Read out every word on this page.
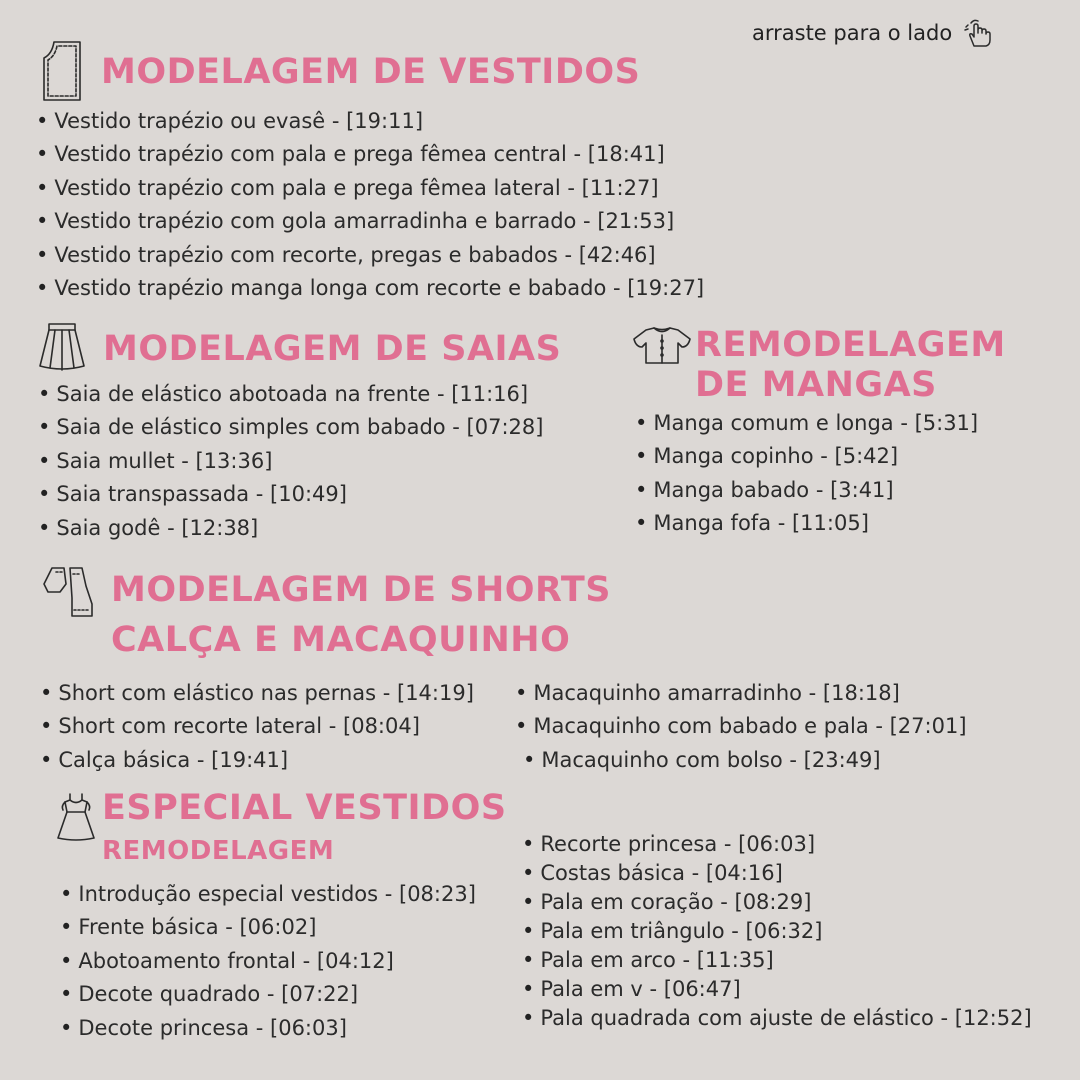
arraste para o lado
MODELAGEM DE VESTIDOS
• Vestido trapézio ou evasê - [19:11]
• Vestido trapézio com pala e prega fêmea central - [18:41]
• Vestido trapézio com pala e prega fêmea lateral - [11:27]
• Vestido trapézio com gola amarradinha e barrado - [21:53]
• Vestido trapézio com recorte, pregas e babados - [42:46]
• Vestido trapézio manga longa com recorte e babado - [19:27]
MODELAGEM DE SAIAS
• Saia de elástico abotoada na frente - [11:16]
• Saia de elástico simples com babado - [07:28]
• Saia mullet - [13:36]
• Saia transpassada - [10:49]
• Saia godê - [12:38]
REMODELAGEM
DE MANGAS
• Manga comum e longa - [5:31]
• Manga copinho - [5:42]
• Manga babado - [3:41]
• Manga fofa - [11:05]
MODELAGEM DE SHORTS
CALÇA E MACAQUINHO
• Short com elástico nas pernas - [14:19]
• Short com recorte lateral - [08:04]
• Calça básica - [19:41]
• Macaquinho amarradinho - [18:18]
• Macaquinho com babado e pala - [27:01]
• Macaquinho com bolso - [23:49]
ESPECIAL VESTIDOS
REMODELAGEM
• Introdução especial vestidos - [08:23]
• Frente básica - [06:02]
• Abotoamento frontal - [04:12]
• Decote quadrado - [07:22]
• Decote princesa - [06:03]
• Recorte princesa - [06:03]
• Costas básica - [04:16]
• Pala em coração - [08:29]
• Pala em triângulo - [06:32]
• Pala em arco - [11:35]
• Pala em v - [06:47]
• Pala quadrada com ajuste de elástico - [12:52]
